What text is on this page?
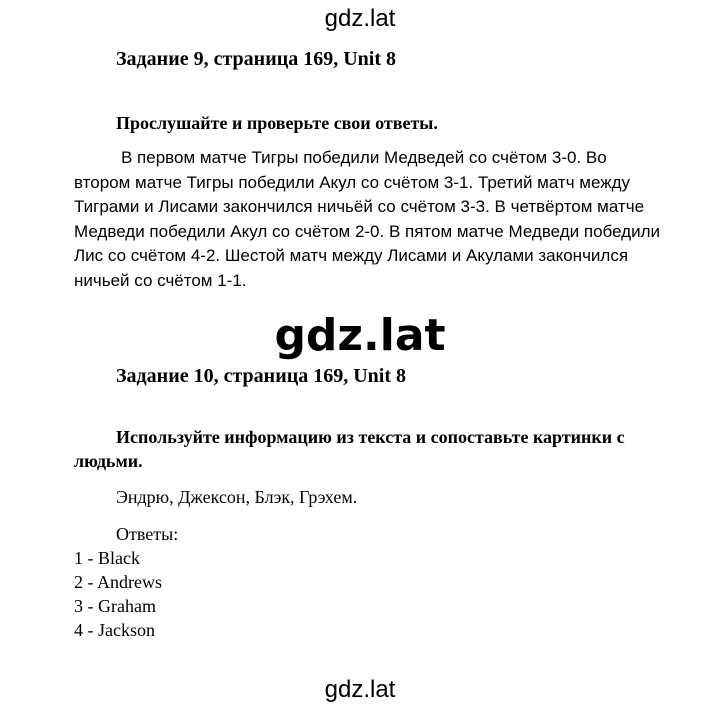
gdz.lat
Задание 9, страница 169, Unit 8
Прослушайте и проверьте свои ответы.
В первом матче Тигры победили Медведей со счётом 3-0. Во втором матче Тигры победили Акул со счётом 3-1. Третий матч между Тиграми и Лисами закончился ничьёй со счётом 3-3. В четвёртом матче Медведи победили Акул со счётом 2-0. В пятом матче Медведи победили Лис со счётом 4-2. Шестой матч между Лисами и Акулами закончился ничьей со счётом 1-1.
gdz.lat
Задание 10, страница 169, Unit 8
Используйте информацию из текста и сопоставьте картинки с людьми.
Эндрю, Джексон, Блэк, Грэхем.
Ответы:
1 - Black
2 - Andrews
3 - Graham
4 - Jackson
gdz.lat
